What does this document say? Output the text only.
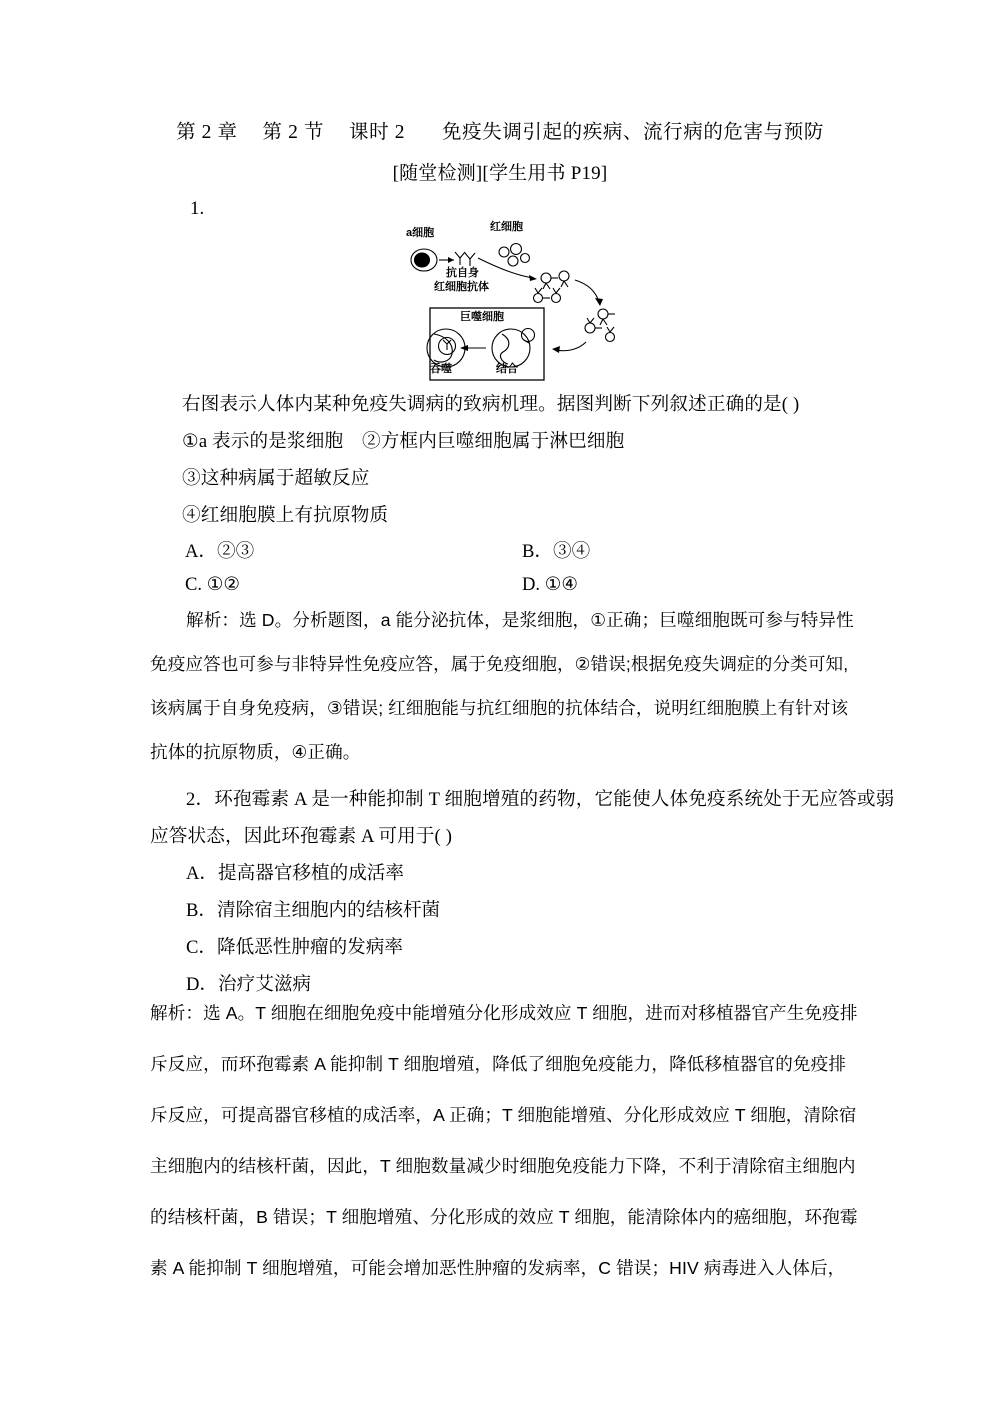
第 2 章 第 2 节 课时 2 免疫失调引起的疾病、流行病的危害与预防
[随堂检测][学生用书 P19]
1.
a细胞	红细胞
抗自身
红细胞抗体
巨噬细胞
吞噬	结合
右图表示人体内某种免疫失调病的致病机理。据图判断下列叙述正确的是( )
①a 表示的是浆细胞　②方框内巨噬细胞属于淋巴细胞
③这种病属于超敏反应
④红细胞膜上有抗原物质
A．②③	B．③④
C. ①②	D. ①④
解析：选 D。分析题图，a 能分泌抗体，是浆细胞，①正确；巨噬细胞既可参与特异性
免疫应答也可参与非特异性免疫应答，属于免疫细胞，②错误;根据免疫失调症的分类可知,
该病属于自身免疫病，③错误; 红细胞能与抗红细胞的抗体结合，说明红细胞膜上有针对该
抗体的抗原物质，④正确。
2．环孢霉素 A 是一种能抑制 T 细胞增殖的药物，它能使人体免疫系统处于无应答或弱
应答状态，因此环孢霉素 A 可用于( )
A．提高器官移植的成活率
B．清除宿主细胞内的结核杆菌
C．降低恶性肿瘤的发病率
D．治疗艾滋病
解析：选 A。T 细胞在细胞免疫中能增殖分化形成效应 T 细胞，进而对移植器官产生免疫排
斥反应，而环孢霉素 A 能抑制 T 细胞增殖，降低了细胞免疫能力，降低移植器官的免疫排
斥反应，可提高器官移植的成活率，A 正确；T 细胞能增殖、分化形成效应 T 细胞，清除宿
主细胞内的结核杆菌，因此，T 细胞数量减少时细胞免疫能力下降，不利于清除宿主细胞内
的结核杆菌，B 错误；T 细胞增殖、分化形成的效应 T 细胞，能清除体内的癌细胞，环孢霉
素 A 能抑制 T 细胞增殖，可能会增加恶性肿瘤的发病率，C 错误；HIV 病毒进入人体后，
